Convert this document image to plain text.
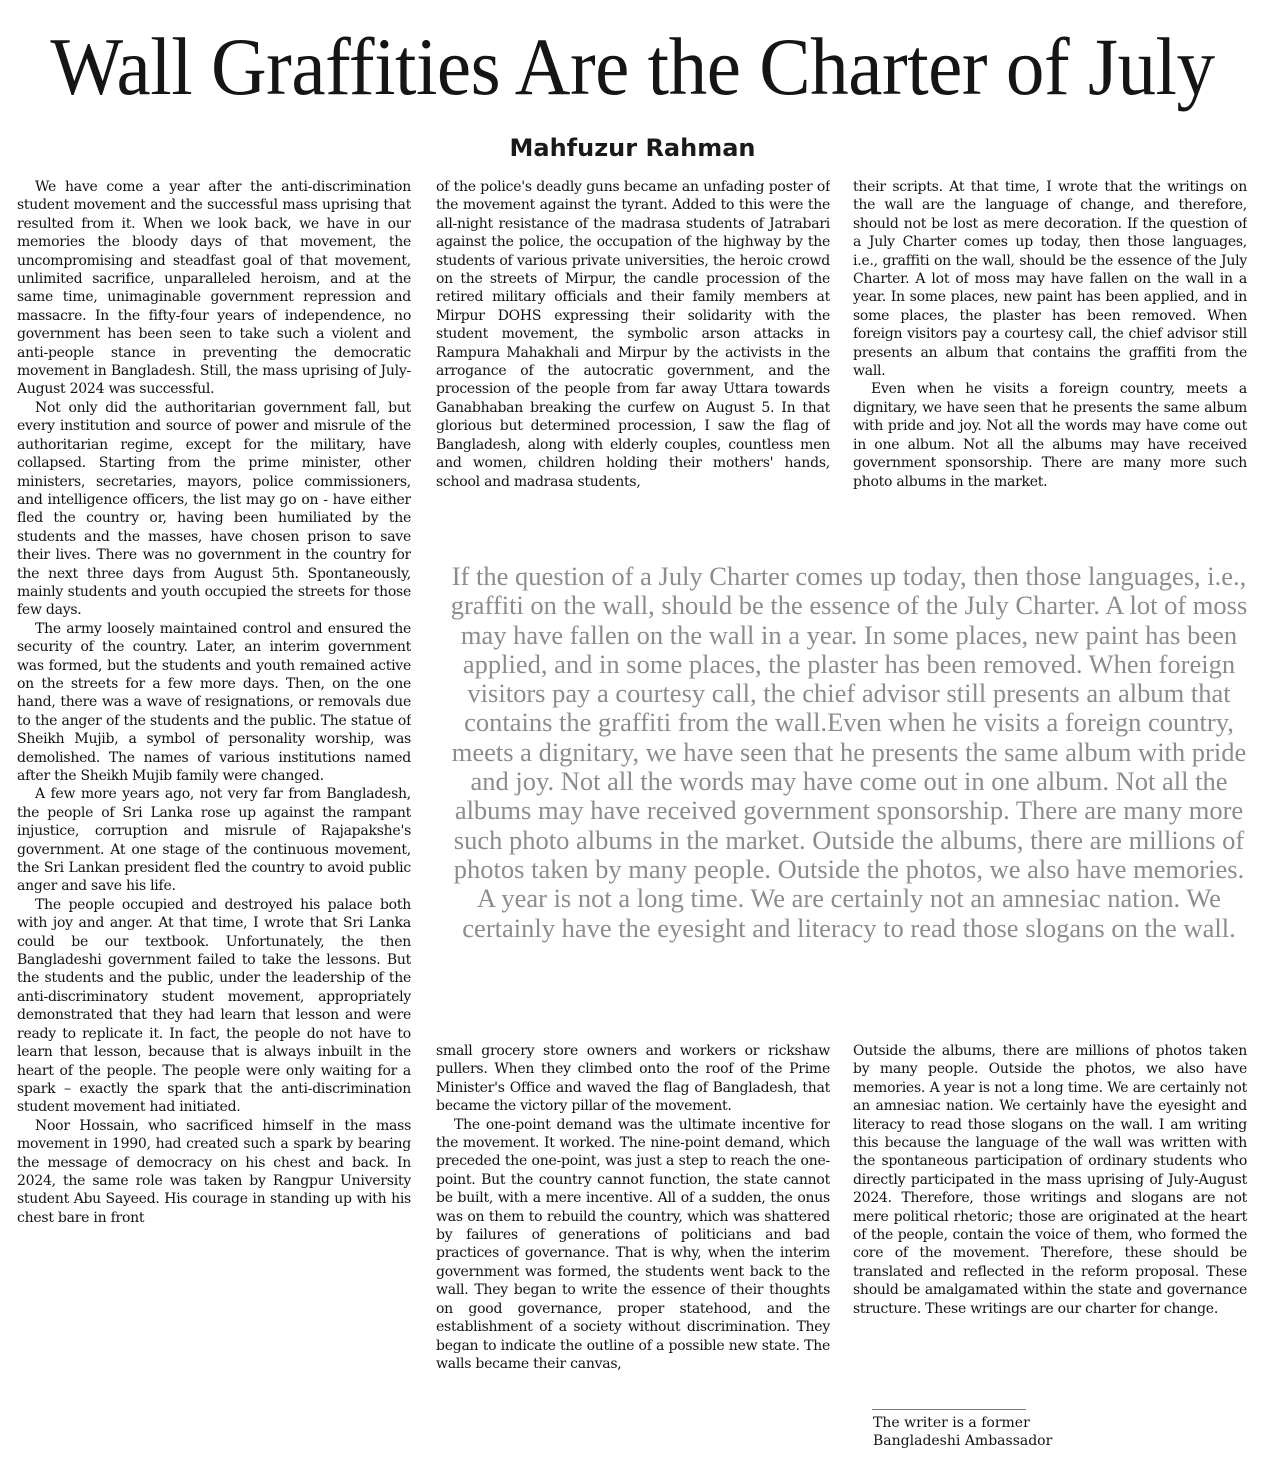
Wall Graffities Are the Charter of July
Mahfuzur Rahman

We have come a year after the anti-discrimination student movement and the successful mass uprising that resulted from it. When we look back, we have in our memories the bloody days of that movement, the uncompromising and steadfast goal of that movement, unlimited sacrifice, unparalleled heroism, and at the same time, unimaginable government repression and massacre. In the fifty-four years of independence, no government has been seen to take such a violent and anti-people stance in preventing the democratic movement in Bangladesh. Still, the mass uprising of July-August 2024 was successful.

Not only did the authoritarian government fall, but every institution and source of power and misrule of the authoritarian regime, except for the military, have collapsed. Starting from the prime minister, other ministers, secretaries, mayors, police commissioners, and intelligence officers, the list may go on - have either fled the country or, having been humiliated by the students and the masses, have chosen prison to save their lives. There was no government in the country for the next three days from August 5th. Spontaneously, mainly students and youth occupied the streets for those few days.

The army loosely maintained control and ensured the security of the country. Later, an interim government was formed, but the students and youth remained active on the streets for a few more days. Then, on the one hand, there was a wave of resignations, or removals due to the anger of the students and the public. The statue of Sheikh Mujib, a symbol of personality worship, was demolished. The names of various institutions named after the Sheikh Mujib family were changed.

A few more years ago, not very far from Bangladesh, the people of Sri Lanka rose up against the rampant injustice, corruption and misrule of Rajapakshe's government. At one stage of the continuous movement, the Sri Lankan president fled the country to avoid public anger and save his life.

The people occupied and destroyed his palace both with joy and anger. At that time, I wrote that Sri Lanka could be our textbook. Unfortunately, the then Bangladeshi government failed to take the lessons. But the students and the public, under the leadership of the anti-discriminatory student movement, appropriately demonstrated that they had learn that lesson and were ready to replicate it. In fact, the people do not have to learn that lesson, because that is always inbuilt in the heart of the people. The people were only waiting for a spark – exactly the spark that the anti-discrimination student movement had initiated.

Noor Hossain, who sacrificed himself in the mass movement in 1990, had created such a spark by bearing the message of democracy on his chest and back. In 2024, the same role was taken by Rangpur University student Abu Sayeed. His courage in standing up with his chest bare in front

of the police's deadly guns became an unfading poster of the movement against the tyrant. Added to this were the all-night resistance of the madrasa students of Jatrabari against the police, the occupation of the highway by the students of various private universities, the heroic crowd on the streets of Mirpur, the candle procession of the retired military officials and their family members at Mirpur DOHS expressing their solidarity with the student movement, the symbolic arson attacks in Rampura Mahakhali and Mirpur by the activists in the arrogance of the autocratic government, and the procession of the people from far away Uttara towards Ganabhaban breaking the curfew on August 5. In that glorious but determined procession, I saw the flag of Bangladesh, along with elderly couples, countless men and women, children holding their mothers' hands, school and madrasa students,

their scripts. At that time, I wrote that the writings on the wall are the language of change, and therefore, should not be lost as mere decoration. If the question of a July Charter comes up today, then those languages, i.e., graffiti on the wall, should be the essence of the July Charter. A lot of moss may have fallen on the wall in a year. In some places, new paint has been applied, and in some places, the plaster has been removed. When foreign visitors pay a courtesy call, the chief advisor still presents an album that contains the graffiti from the wall.

Even when he visits a foreign country, meets a dignitary, we have seen that he presents the same album with pride and joy. Not all the words may have come out in one album. Not all the albums may have received government sponsorship. There are many more such photo albums in the market.

If the question of a July Charter comes up today, then those languages, i.e., graffiti on the wall, should be the essence of the July Charter. A lot of moss may have fallen on the wall in a year. In some places, new paint has been applied, and in some places, the plaster has been removed. When foreign visitors pay a courtesy call, the chief advisor still presents an album that contains the graffiti from the wall.Even when he visits a foreign country, meets a dignitary, we have seen that he presents the same album with pride and joy. Not all the words may have come out in one album. Not all the albums may have received government sponsorship. There are many more such photo albums in the market. Outside the albums, there are millions of photos taken by many people. Outside the photos, we also have memories. A year is not a long time. We are certainly not an amnesiac nation. We certainly have the eyesight and literacy to read those slogans on the wall.

small grocery store owners and workers or rickshaw pullers. When they climbed onto the roof of the Prime Minister's Office and waved the flag of Bangladesh, that became the victory pillar of the movement.

The one-point demand was the ultimate incentive for the movement. It worked. The nine-point demand, which preceded the one-point, was just a step to reach the one-point. But the country cannot function, the state cannot be built, with a mere incentive. All of a sudden, the onus was on them to rebuild the country, which was shattered by failures of generations of politicians and bad practices of governance. That is why, when the interim government was formed, the students went back to the wall. They began to write the essence of their thoughts on good governance, proper statehood, and the establishment of a society without discrimination. They began to indicate the outline of a possible new state. The walls became their canvas,

Outside the albums, there are millions of photos taken by many people. Outside the photos, we also have memories. A year is not a long time. We are certainly not an amnesiac nation. We certainly have the eyesight and literacy to read those slogans on the wall. I am writing this because the language of the wall was written with the spontaneous participation of ordinary students who directly participated in the mass uprising of July-August 2024. Therefore, those writings and slogans are not mere political rhetoric; those are originated at the heart of the people, contain the voice of them, who formed the core of the movement. Therefore, these should be translated and reflected in the reform proposal. These should be amalgamated within the state and governance structure. These writings are our charter for change.

The writer is a former
Bangladeshi Ambassador
